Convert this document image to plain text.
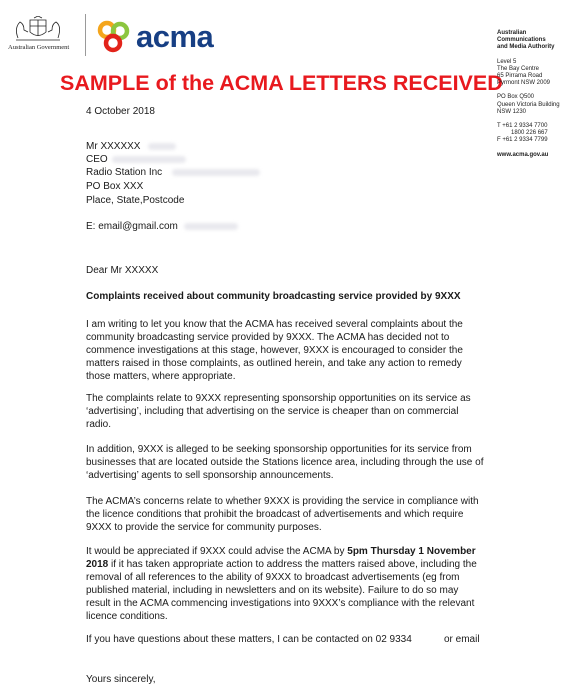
Australian Government acma
SAMPLE of the ACMA LETTERS RECEIVED
Australian
Communications
and Media Authority
Level 5
The Bay Centre
65 Pirrama Road
Pyrmont NSW 2009
PO Box Q500
Queen Victoria Building
NSW 1230
T +61 2 9334 7700
1800 226 667
F +61 2 9334 7799
www.acma.gov.au
4 October 2018
Mr XXXXXX
CEO
Radio Station Inc
PO Box XXX
Place, State,Postcode
E: email@gmail.com
Dear Mr XXXXX
Complaints received about community broadcasting service provided by 9XXX
I am writing to let you know that the ACMA has received several complaints about the
community broadcasting service provided by 9XXX. The ACMA has decided not to
commence investigations at this stage, however, 9XXX is encouraged to consider the
matters raised in those complaints, as outlined herein, and take any action to remedy
those matters, where appropriate.
The complaints relate to 9XXX representing sponsorship opportunities on its service as
‘advertising’, including that advertising on the service is cheaper than on commercial
radio.
In addition, 9XXX is alleged to be seeking sponsorship opportunities for its service from
businesses that are located outside the Stations licence area, including through the use of
‘advertising’ agents to sell sponsorship announcements.
The ACMA’s concerns relate to whether 9XXX is providing the service in compliance with
the licence conditions that prohibit the broadcast of advertisements and which require
9XXX to provide the service for community purposes.
It would be appreciated if 9XXX could advise the ACMA by 5pm Thursday 1 November
2018 if it has taken appropriate action to address the matters raised above, including the
removal of all references to the ability of 9XXX to broadcast advertisements (eg from
published material, including in newsletters and on its website). Failure to do so may
result in the ACMA commencing investigations into 9XXX’s compliance with the relevant
licence conditions.
If you have questions about these matters, I can be contacted on 02 9334	or email
Yours sincerely,
